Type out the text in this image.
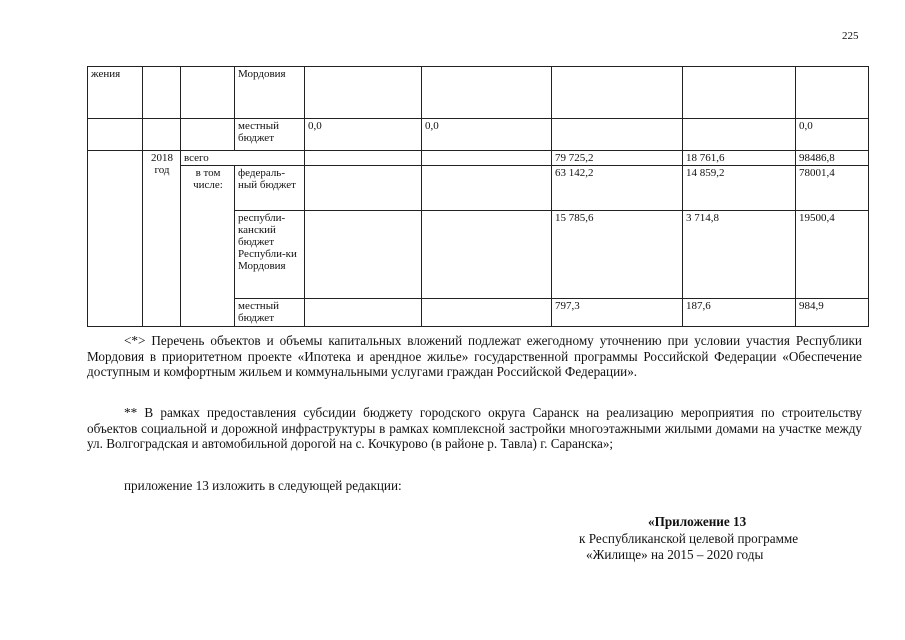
225
жения			Мордовия					
			местный бюджет	0,0	0,0			0,0
	2018 год	всего				79 725,2	18 761,6	98486,8
		в том числе:	федераль-ный бюджет			63 142,2	14 859,2	78001,4
			республи-канский бюджет Республи-ки Мордовия			15 785,6	3 714,8	19500,4
			местный бюджет			797,3	187,6	984,9
<*> Перечень объектов и объемы капитальных вложений подлежат ежегодному уточнению при условии участия Республики Мордовия в приоритетном проекте «Ипотека и арендное жилье» государственной программы Российской Федерации «Обеспечение доступным и комфортным жильем и коммунальными услугами граждан Российской Федерации».
** В рамках предоставления субсидии бюджету городского округа Саранск на реализацию мероприятия по строительству объектов социальной и дорожной инфраструктуры в рамках комплексной застройки многоэтажными жилыми домами на участке между ул. Волгоградская и автомобильной дорогой на с. Кочкурово (в районе р. Тавла) г. Саранска»;
приложение 13 изложить в следующей редакции:
«Приложение 13
к Республиканской целевой программе
«Жилище» на 2015 – 2020 годы
